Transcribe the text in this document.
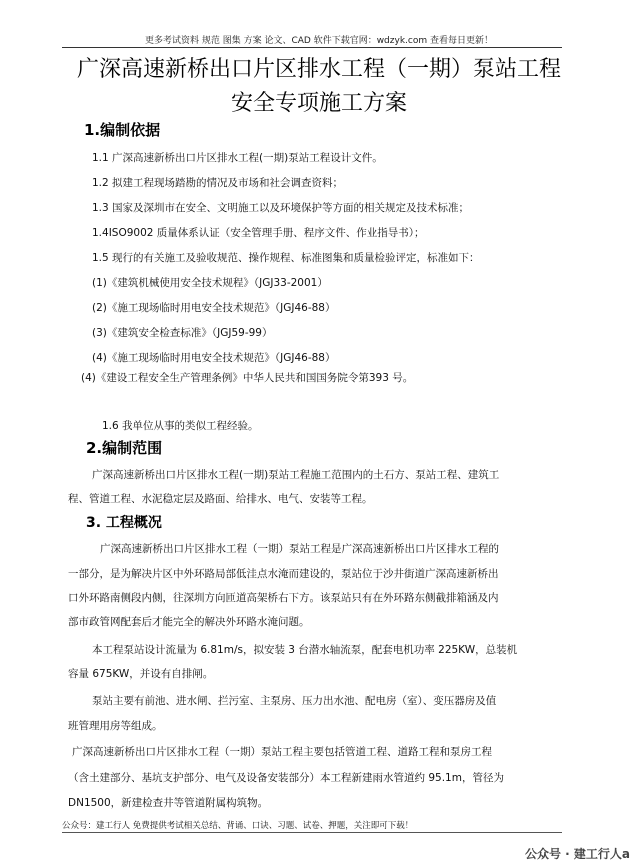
更多考试资料 规范 图集 方案 论文、CAD 软件下载官网：wdzyk.com 查看每日更新！
广深高速新桥出口片区排水工程（一期）泵站工程
安全专项施工方案
1.编制依据
1.1 广深高速新桥出口片区排水工程(一期)泵站工程设计文件。
1.2 拟建工程现场踏勘的情况及市场和社会调查资料；
1.3 国家及深圳市在安全、文明施工以及环境保护等方面的相关规定及技术标准；
1.4ISO9002 质量体系认证（安全管理手册、程序文件、作业指导书）；
1.5 现行的有关施工及验收规范、操作规程、标准图集和质量检验评定，标准如下：
(1)《建筑机械使用安全技术规程》（JGJ33-2001）
(2)《施工现场临时用电安全技术规范》（JGJ46-88）
(3)《建筑安全检查标准》（JGJ59-99）
(4)《施工现场临时用电安全技术规范》（JGJ46-88）
(4)《建设工程安全生产管理条例》中华人民共和国国务院令第393 号。
1.6 我单位从事的类似工程经验。
2.编制范围
广深高速新桥出口片区排水工程(一期)泵站工程施工范围内的土石方、泵站工程、建筑工
程、管道工程、水泥稳定层及路面、给排水、电气、安装等工程。
3. 工程概况
广深高速新桥出口片区排水工程（一期）泵站工程是广深高速新桥出口片区排水工程的
一部分，是为解决片区中外环路局部低洼点水淹而建设的，泵站位于沙井街道广深高速新桥出
口外环路南侧段内侧，往深圳方向匝道高架桥右下方。该泵站只有在外环路东侧截排箱涵及内
部市政管网配套后才能完全的解决外环路水淹问题。
本工程泵站设计流量为 6.81m/s，拟安装 3 台潜水轴流泵，配套电机功率 225KW，总装机
容量 675KW，并设有自排闸。
泵站主要有前池、进水闸、拦污室、主泵房、压力出水池、配电房（室）、变压器房及值
班管理用房等组成。
广深高速新桥出口片区排水工程（一期）泵站工程主要包括管道工程、道路工程和泵房工程
（含土建部分、基坑支护部分、电气及设备安装部分）本工程新建雨水管道约 95.1m，管径为
DN1500，新建检查井等管道附属构筑物。
公众号：建工行人 免费提供考试相关总结、背诵、口诀、习题、试卷、押题，关注即可下载！
公众号 · 建工行人a
